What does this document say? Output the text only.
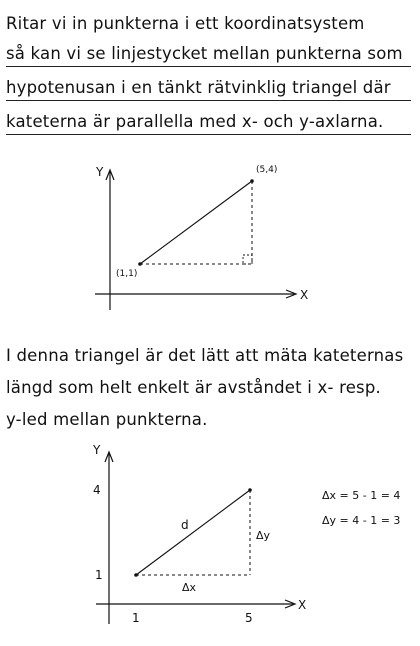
Ritar vi in punkterna i ett koordinatsystem
så kan vi se linjestycket mellan punkterna som
hypotenusan i en tänkt rätvinklig triangel där
kateterna är parallella med x- och y-axlarna.
Y
X
(1,1)
(5,4)
I denna triangel är det lätt att mäta kateternas
längd som helt enkelt är avståndet i x- resp.
y-led mellan punkterna.
Y
X
4
1
1	5
d
Δx
Δy
Δx = 5 - 1 = 4
Δy = 4 - 1 = 3
